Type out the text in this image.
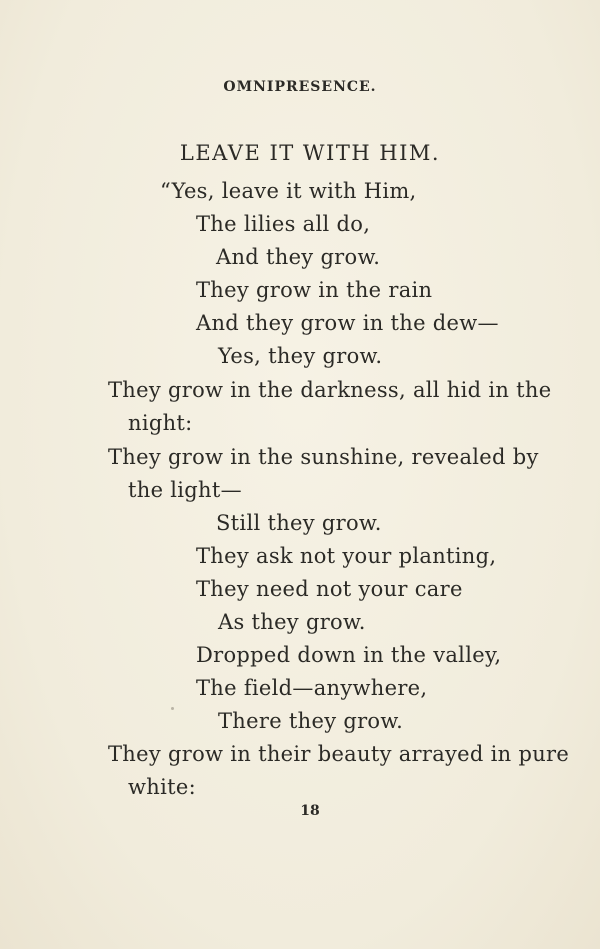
OMNIPRESENCE.
LEAVE IT WITH HIM.
“Yes, leave it with Him,
The lilies all do,
And they grow.
They grow in the rain
And they grow in the dew—
Yes, they grow.
They grow in the darkness, all hid in the
night:
They grow in the sunshine, revealed by
the light—
Still they grow.
They ask not your planting,
They need not your care
As they grow.
Dropped down in the valley,
The field—anywhere,
There they grow.
They grow in their beauty arrayed in pure
white:
18
